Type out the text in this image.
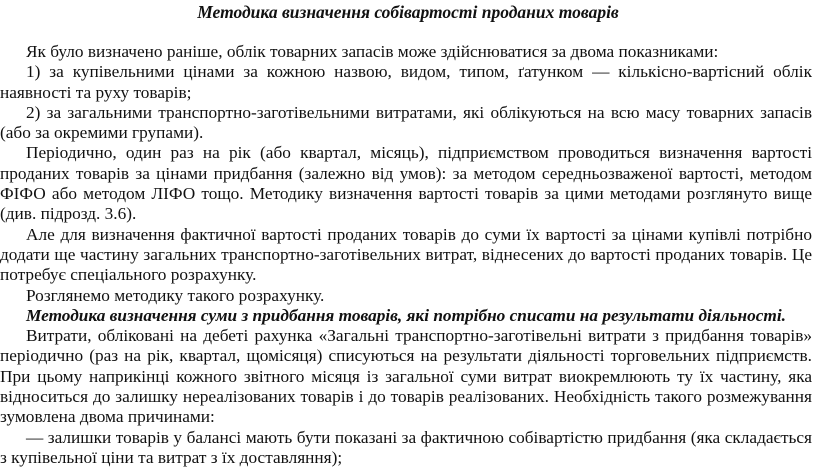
Методика визначення собівартості проданих товарів

Як було визначено раніше, облік товарних запасів може здійснюватися за двома показниками:

1) за купівельними цінами за кожною назвою, видом, типом, ґатунком — кількісно-вартісний облік наявності та руху товарів;

2) за загальними транспортно-заготівельними витратами, які облікуються на всю масу товарних запасів (або за окремими групами).

Періодично, один раз на рік (або квартал, місяць), підприємством проводиться визначення вартості проданих товарів за цінами придбання (залежно від умов): за методом середньозваженої вартості, методом ФІФО або методом ЛІФО тощо. Методику визначення вартості товарів за цими методами розглянуто вище (див. підрозд. 3.6).

Але для визначення фактичної вартості проданих товарів до суми їх вартості за цінами купівлі потрібно додати ще частину загальних транспортно-заготівельних витрат, віднесених до вартості проданих товарів. Це потребує спеціального розрахунку.

Розглянемо методику такого розрахунку.

Методика визначення суми з придбання товарів, які потрібно списати на результати діяльності.

Витрати, обліковані на дебеті рахунка «Загальні транспортно-заготівельні витрати з придбання товарів» періодично (раз на рік, квартал, щомісяця) списуються на результати діяльності торговельних підприємств. При цьому наприкінці кожного звітного місяця із загальної суми витрат виокремлюють ту їх частину, яка відноситься до залишку нереалізованих товарів і до товарів реалізованих. Необхідність такого розмежування зумовлена двома причинами:

— залишки товарів у балансі мають бути показані за фактичною собівартістю придбання (яка складається з купівельної ціни та витрат з їх доставляння);
